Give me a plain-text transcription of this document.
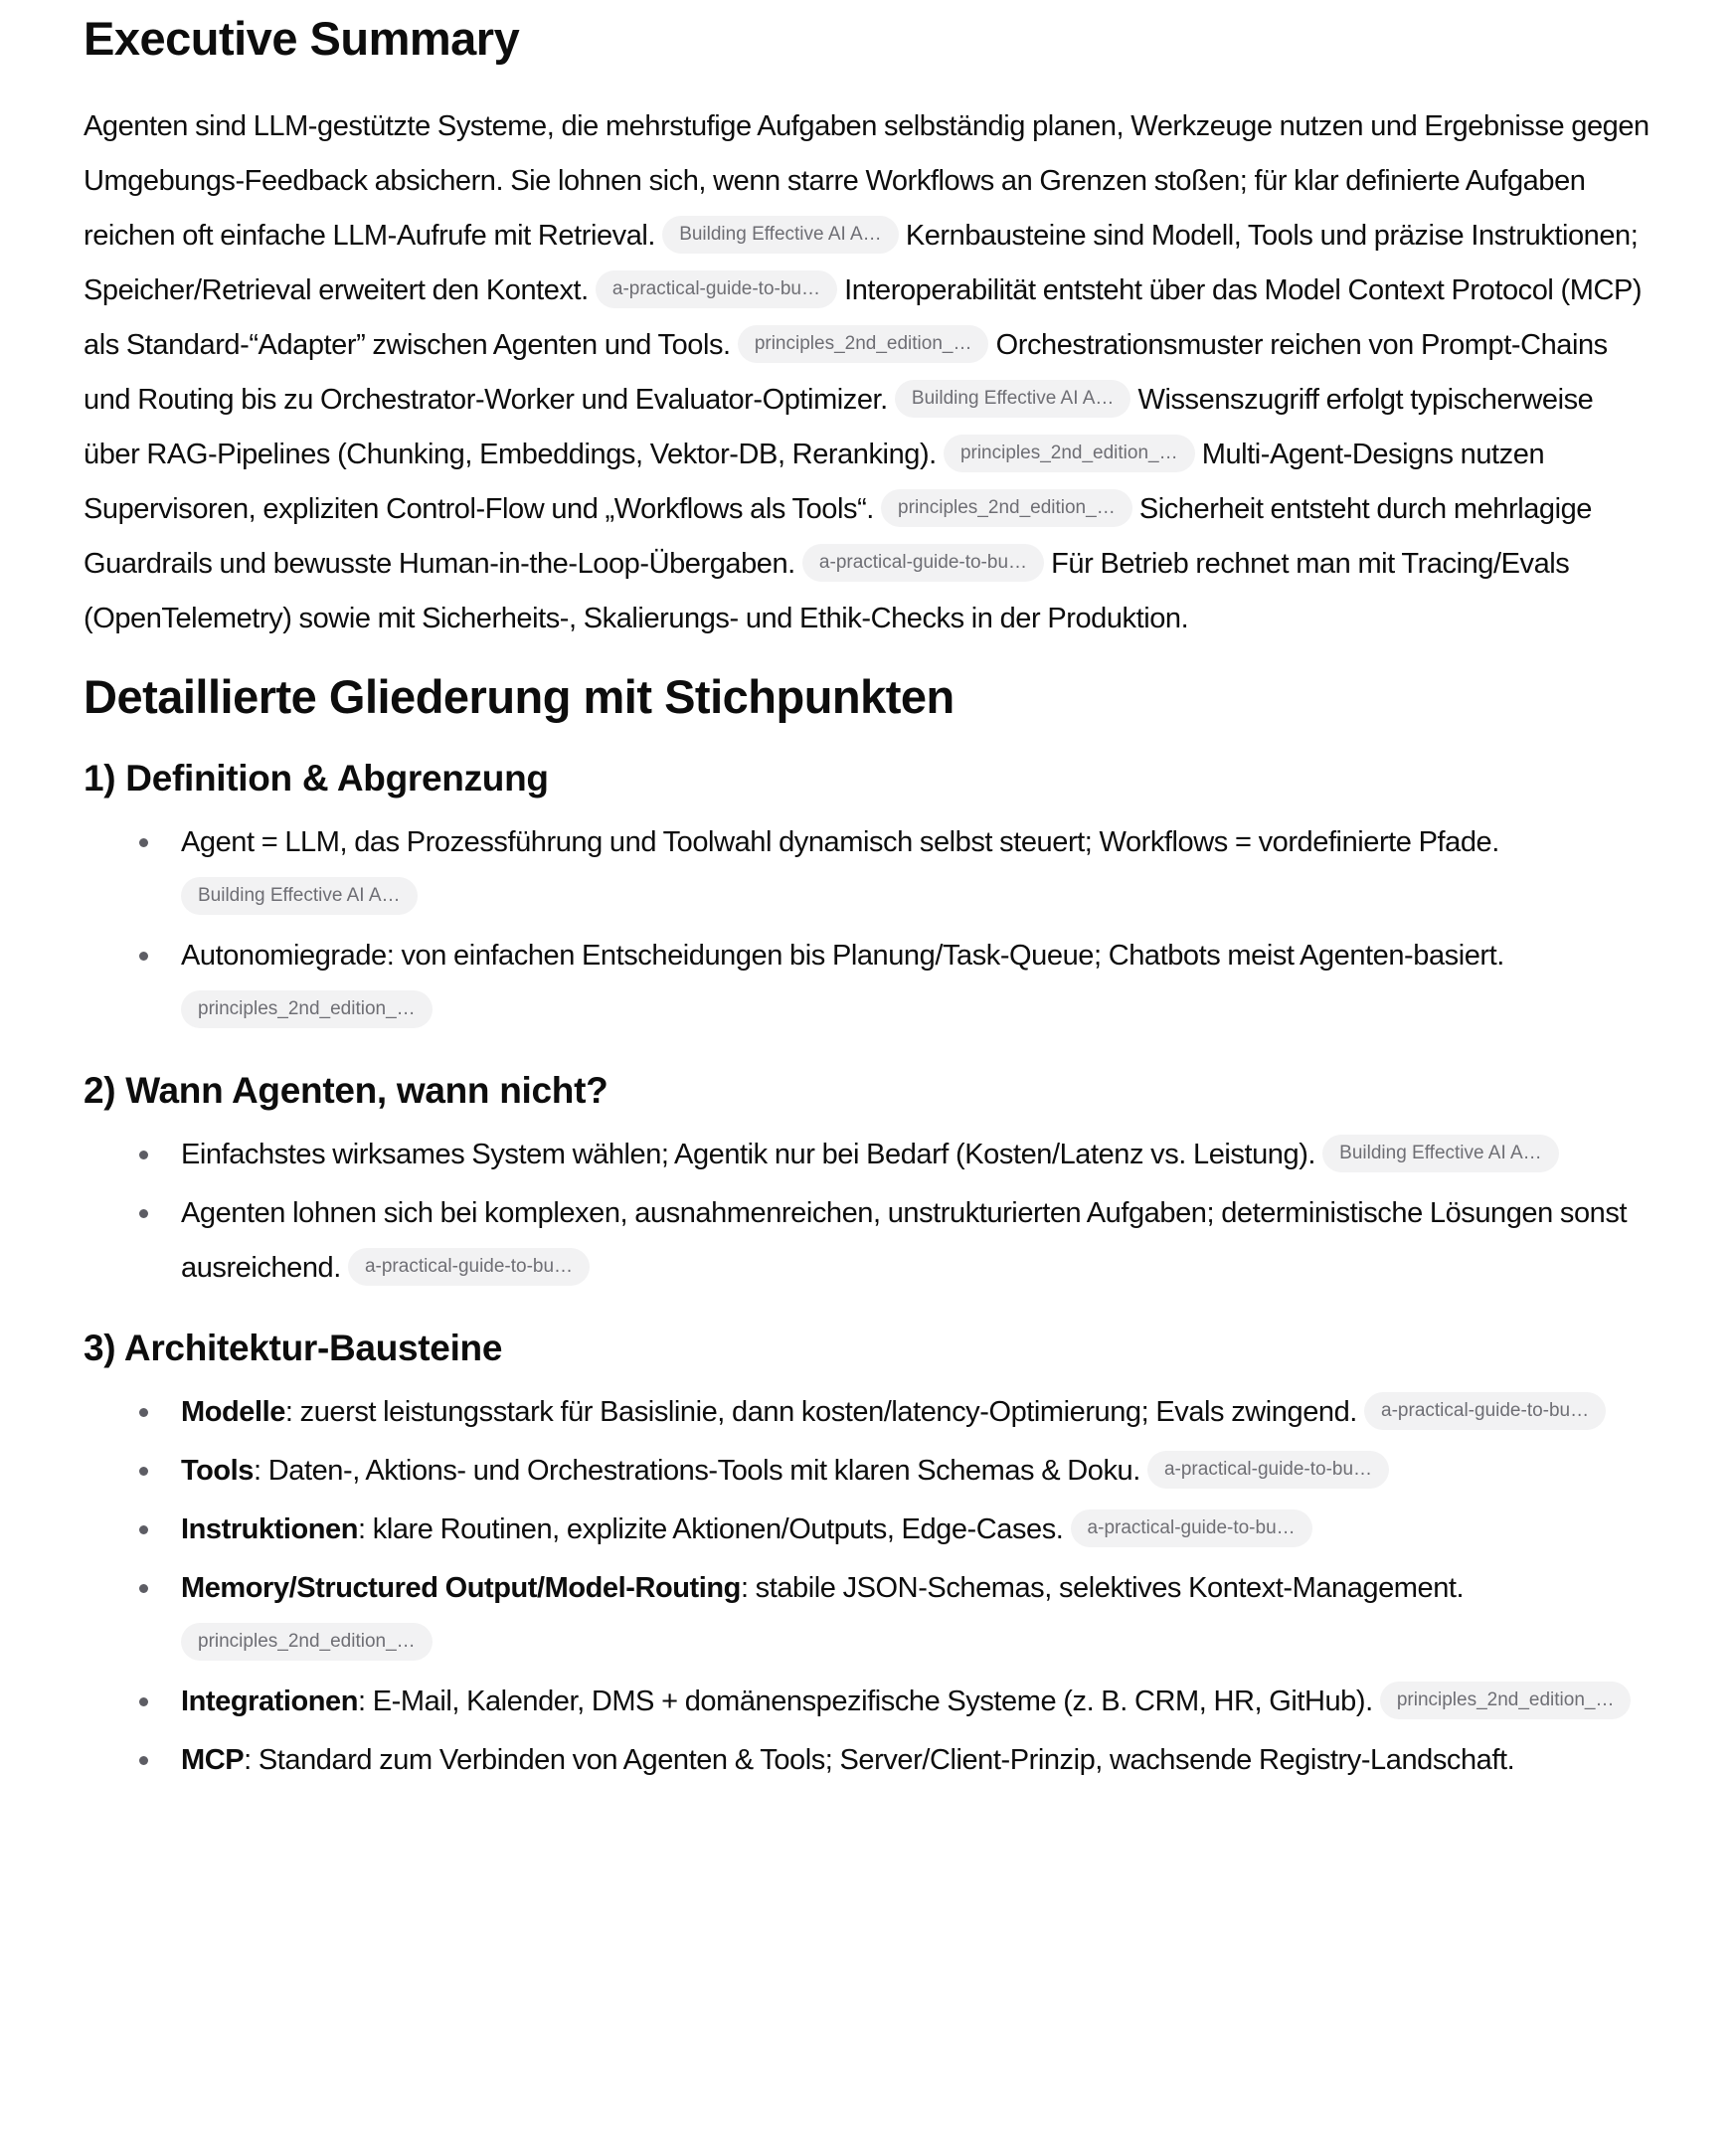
Executive Summary

Agenten sind LLM-gestützte Systeme, die mehrstufige Aufgaben selbständig planen, Werkzeuge nutzen und Ergebnisse gegen Umgebungs-Feedback absichern. Sie lohnen sich, wenn starre Workflows an Grenzen stoßen; für klar definierte Aufgaben reichen oft einfache LLM-Aufrufe mit Retrieval. Building Effective AI A… Kernbausteine sind Modell, Tools und präzise Instruktionen; Speicher/Retrieval erweitert den Kontext. a-practical-guide-to-bu… Interoperabilität entsteht über das Model Context Protocol (MCP) als Standard-“Adapter” zwischen Agenten und Tools. principles_2nd_edition_… Orchestrationsmuster reichen von Prompt-Chains und Routing bis zu Orchestrator-Worker und Evaluator-Optimizer. Building Effective AI A… Wissenszugriff erfolgt typischerweise über RAG-Pipelines (Chunking, Embeddings, Vektor-DB, Reranking). principles_2nd_edition_… Multi-Agent-Designs nutzen Supervisoren, expliziten Control-Flow und „Workflows als Tools“. principles_2nd_edition_… Sicherheit entsteht durch mehrlagige Guardrails und bewusste Human-in-the-Loop-Übergaben. a-practical-guide-to-bu… Für Betrieb rechnet man mit Tracing/Evals (OpenTelemetry) sowie mit Sicherheits-, Skalierungs- und Ethik-Checks in der Produktion.

Detaillierte Gliederung mit Stichpunkten
1) Definition & Abgrenzung
Agent = LLM, das Prozessführung und Toolwahl dynamisch selbst steuert; Workflows = vordefinierte Pfade. Building Effective AI A…
Autonomiegrade: von einfachen Entscheidungen bis Planung/Task-Queue; Chatbots meist Agenten-basiert. principles_2nd_edition_…
2) Wann Agenten, wann nicht?
Einfachstes wirksames System wählen; Agentik nur bei Bedarf (Kosten/Latenz vs. Leistung). Building Effective AI A…
Agenten lohnen sich bei komplexen, ausnahmenreichen, unstrukturierten Aufgaben; deterministische Lösungen sonst ausreichend. a-practical-guide-to-bu…
3) Architektur-Bausteine
Modelle: zuerst leistungsstark für Basislinie, dann kosten/latency-Optimierung; Evals zwingend. a-practical-guide-to-bu…
Tools: Daten-, Aktions- und Orchestrations-Tools mit klaren Schemas & Doku. a-practical-guide-to-bu…
Instruktionen: klare Routinen, explizite Aktionen/Outputs, Edge-Cases. a-practical-guide-to-bu…
Memory/Structured Output/Model-Routing: stabile JSON-Schemas, selektives Kontext-Management. principles_2nd_edition_…
Integrationen: E-Mail, Kalender, DMS + domänenspezifische Systeme (z. B. CRM, HR, GitHub). principles_2nd_edition_…
MCP: Standard zum Verbinden von Agenten & Tools; Server/Client-Prinzip, wachsende Registry-Landschaft.
